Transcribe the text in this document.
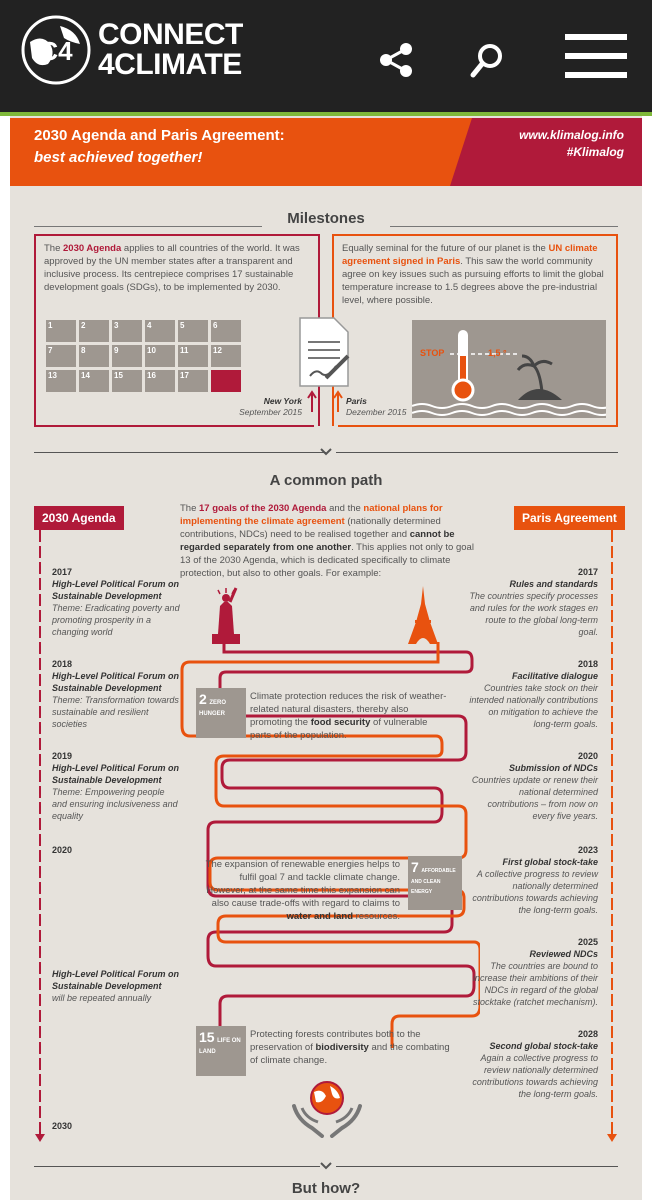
C4 CONNECT
4CLIMATE
2030 Agenda and Paris Agreement:
best achieved together!
www.klimalog.info
#Klimalog
Milestones

The 2030 Agenda applies to all countries of the world. It was approved by the UN member states after a transparent and inclusive process. Its centrepiece comprises 17 sustainable development goals (SDGs), to be implemented by 2030.

Equally seminal for the future of our planet is the UN climate agreement signed in Paris. This saw the world community agree on key issues such as pursuing efforts to limit the global temperature increase to 1.5 degrees above the pre-industrial level, where possible.

New York
September 2015
Paris
Dezember 2015
STOP	1,5 °
A common path
2030 Agenda	Paris Agreement
The 17 goals of the 2030 Agenda and the national plans for implementing the climate agreement (nationally determined contributions, NDCs) need to be realised together and cannot be regarded separately from one another. This applies not only to goal 13 of the 2030 Agenda, which is dedicated specifically to climate protection, but also to other goals. For example:
2 ZERO HUNGER
Climate protection reduces the risk of weather-related natural disasters, thereby also promoting the food security of vulnerable parts of the population.
7 AFFORDABLE AND CLEAN ENERGY
The expansion of renewable energies helps to fulfil goal 7 and tackle climate change. However, at the same time this expansion can also cause trade-offs with regard to claims to water and land resources.
15 LIFE ON LAND
Protecting forests contributes both to the preservation of biodiversity and the combating of climate change.
But how?
1	2	3	4	5	6
7	8	9	10	11	12
13	14	15	16	17
2017
High-Level Political Forum on Sustainable Development
Theme: Eradicating poverty and promoting prosperity in a changing world
2018
High-Level Political Forum on Sustainable Development
Theme: Transformation towards sustainable and resilient societies
2019
High-Level Political Forum on Sustainable Development
Theme: Empowering people and ensuring inclusiveness and equality
2020
High-Level Political Forum on Sustainable Development
will be repeated annually
2030
2017
Rules and standards
The countries specify processes and rules for the work stages en route to the global long-term goal.
2018
Facilitative dialogue
Countries take stock on their intended nationally contributions on mitigation to achieve the long-term goals.
2020
Submission of NDCs
Countries update or renew their national determined contributions – from now on every five years.
2023
First global stock-take
A collective progress to review nationally determined contributions towards achieving the long-term goals.
2025
Reviewed NDCs
The countries are bound to increase their ambitions of their NDCs in regard of the global stocktake (ratchet mechanism).
2028
Second global stock-take
Again a collective progress to review nationally determined contributions towards achieving the long-term goals.
